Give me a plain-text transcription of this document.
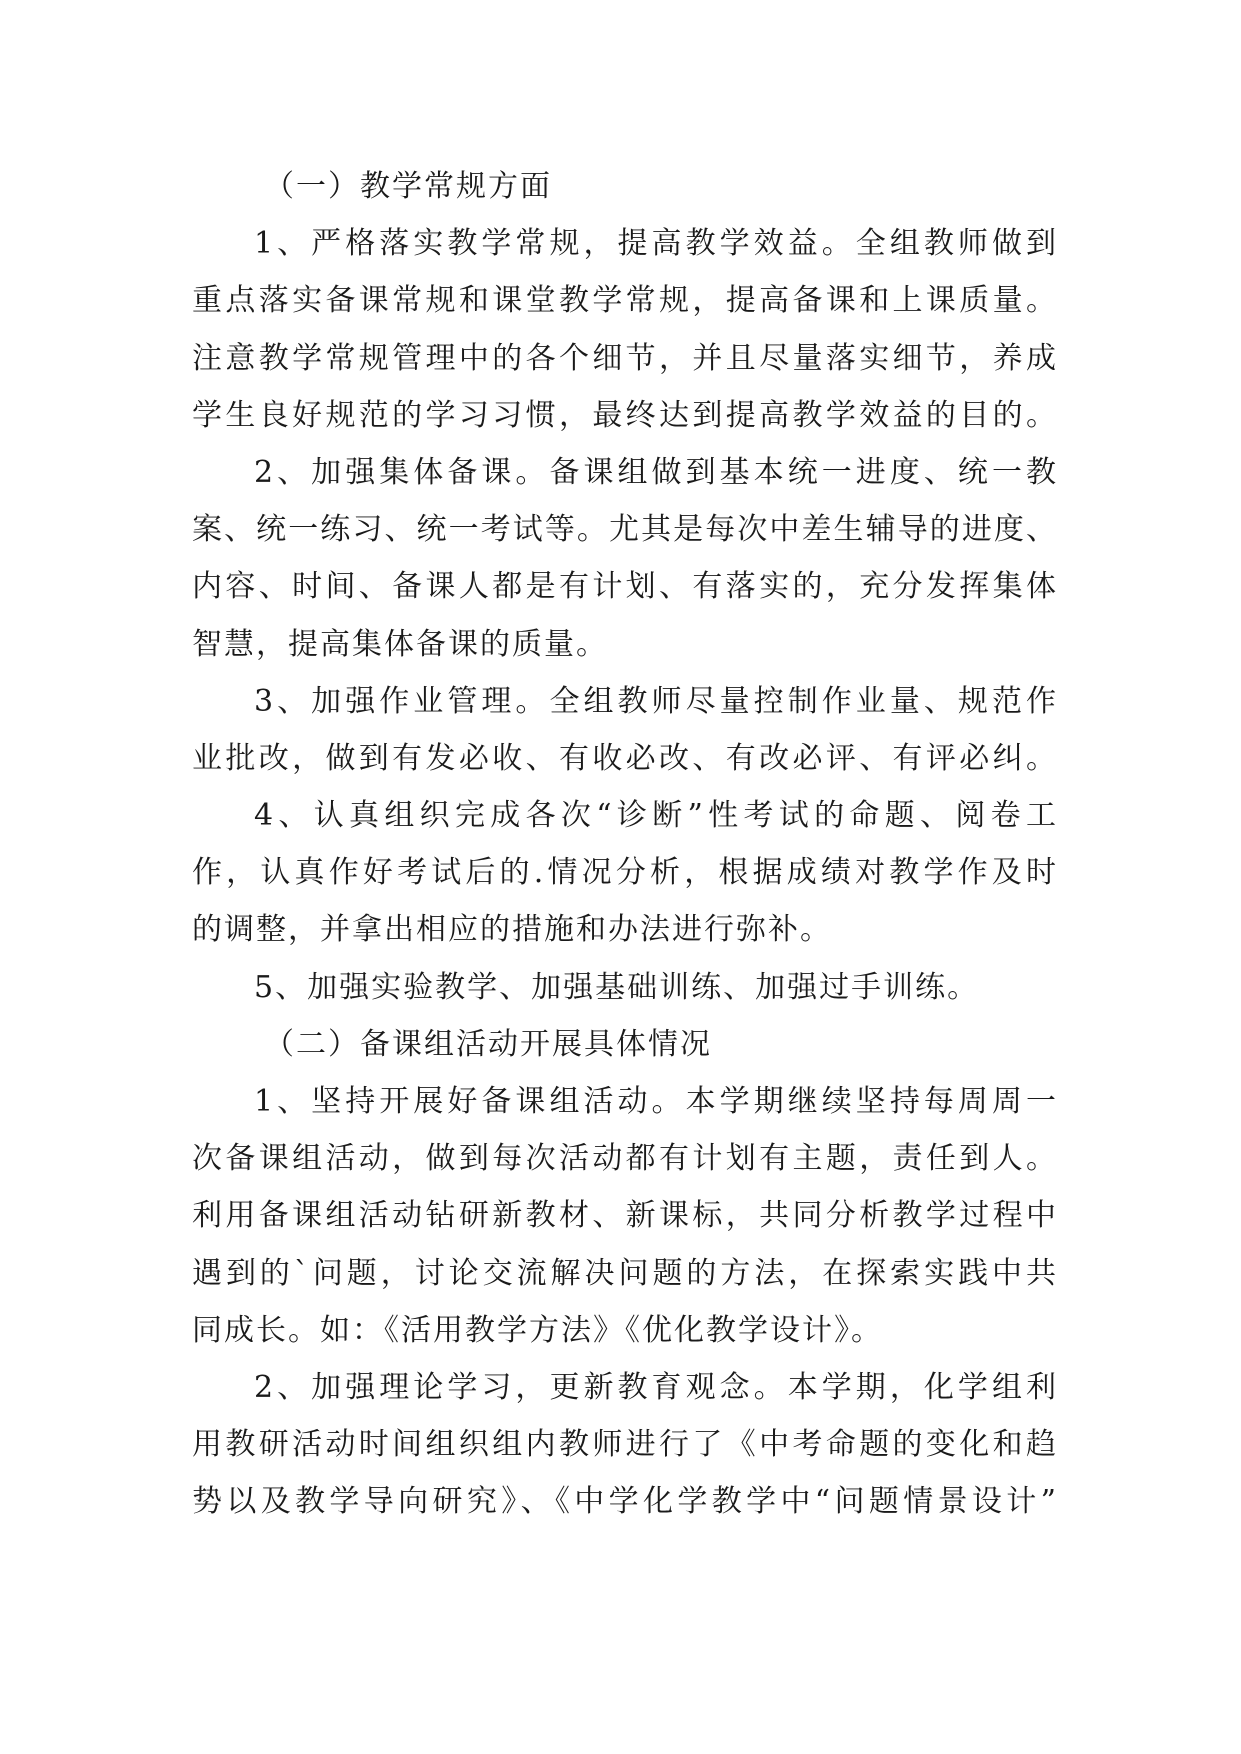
（一）教学常规方面
1、严格落实教学常规，提高教学效益。全组教师做到
重点落实备课常规和课堂教学常规，提高备课和上课质量。
注意教学常规管理中的各个细节，并且尽量落实细节，养成
学生良好规范的学习习惯，最终达到提高教学效益的目的。
2、加强集体备课。备课组做到基本统一进度、统一教
案、统一练习、统一考试等。尤其是每次中差生辅导的进度、
内容、时间、备课人都是有计划、有落实的，充分发挥集体
智慧，提高集体备课的质量。
3、加强作业管理。全组教师尽量控制作业量、规范作
业批改，做到有发必收、有收必改、有改必评、有评必纠。
4、认真组织完成各次“诊断”性考试的命题、阅卷工
作，认真作好考试后的.情况分析，根据成绩对教学作及时
的调整，并拿出相应的措施和办法进行弥补。
5、加强实验教学、加强基础训练、加强过手训练。
（二）备课组活动开展具体情况
1、坚持开展好备课组活动。本学期继续坚持每周周一
次备课组活动，做到每次活动都有计划有主题，责任到人。
利用备课组活动钻研新教材、新课标，共同分析教学过程中
遇到的`问题，讨论交流解决问题的方法，在探索实践中共
同成长。如：《活用教学方法》《优化教学设计》。
2、加强理论学习，更新教育观念。本学期，化学组利
用教研活动时间组织组内教师进行了《中考命题的变化和趋
势以及教学导向研究》、《中学化学教学中“问题情景设计”
